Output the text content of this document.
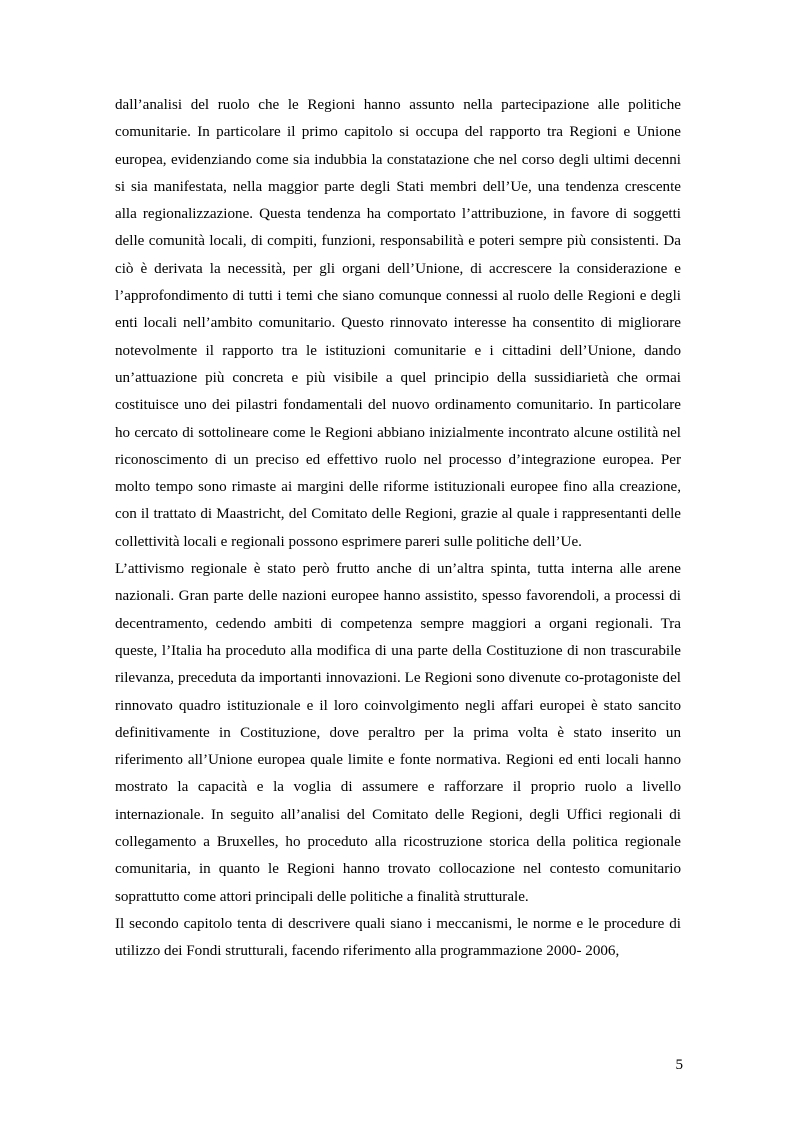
dall’analisi del ruolo che le Regioni hanno assunto nella partecipazione alle politiche comunitarie. In particolare il primo capitolo si occupa del rapporto tra Regioni e Unione europea, evidenziando come sia indubbia la constatazione che nel corso degli ultimi decenni si sia manifestata, nella maggior parte degli Stati membri dell’Ue, una tendenza crescente alla regionalizzazione. Questa tendenza ha comportato l’attribuzione, in favore di soggetti delle comunità locali, di compiti, funzioni, responsabilità e poteri sempre più consistenti. Da ciò è derivata la necessità, per gli organi dell’Unione, di accrescere la considerazione e l’approfondimento di tutti i temi che siano comunque connessi al ruolo delle Regioni e degli enti locali nell’ambito comunitario. Questo rinnovato interesse ha consentito di migliorare notevolmente il rapporto tra le istituzioni comunitarie e i cittadini dell’Unione, dando un’attuazione più concreta e più visibile a quel principio della sussidiarietà che ormai costituisce uno dei pilastri fondamentali del nuovo ordinamento comunitario. In particolare ho cercato di sottolineare come le Regioni abbiano inizialmente incontrato alcune ostilità nel riconoscimento di un preciso ed effettivo ruolo nel processo d’integrazione europea. Per molto tempo sono rimaste ai margini delle riforme istituzionali europee fino alla creazione, con il trattato di Maastricht, del Comitato delle Regioni, grazie al quale i rappresentanti delle collettività locali e regionali possono esprimere pareri sulle politiche dell’Ue.

L’attivismo regionale è stato però frutto anche di un’altra spinta, tutta interna alle arene nazionali. Gran parte delle nazioni europee hanno assistito, spesso favorendoli, a processi di decentramento, cedendo ambiti di competenza sempre maggiori a organi regionali. Tra queste, l’Italia ha proceduto alla modifica di una parte della Costituzione di non trascurabile rilevanza, preceduta da importanti innovazioni. Le Regioni sono divenute co-protagoniste del rinnovato quadro istituzionale e il loro coinvolgimento negli affari europei è stato sancito definitivamente in Costituzione, dove peraltro per la prima volta è stato inserito un riferimento all’Unione europea quale limite e fonte normativa. Regioni ed enti locali hanno mostrato la capacità e la voglia di assumere e rafforzare il proprio ruolo a livello internazionale. In seguito all’analisi del Comitato delle Regioni, degli Uffici regionali di collegamento a Bruxelles, ho proceduto alla ricostruzione storica della politica regionale comunitaria, in quanto le Regioni hanno trovato collocazione nel contesto comunitario soprattutto come attori principali delle politiche a finalità strutturale.

Il secondo capitolo tenta di descrivere quali siano i meccanismi, le norme e le procedure di utilizzo dei Fondi strutturali, facendo riferimento alla programmazione 2000- 2006,

5
